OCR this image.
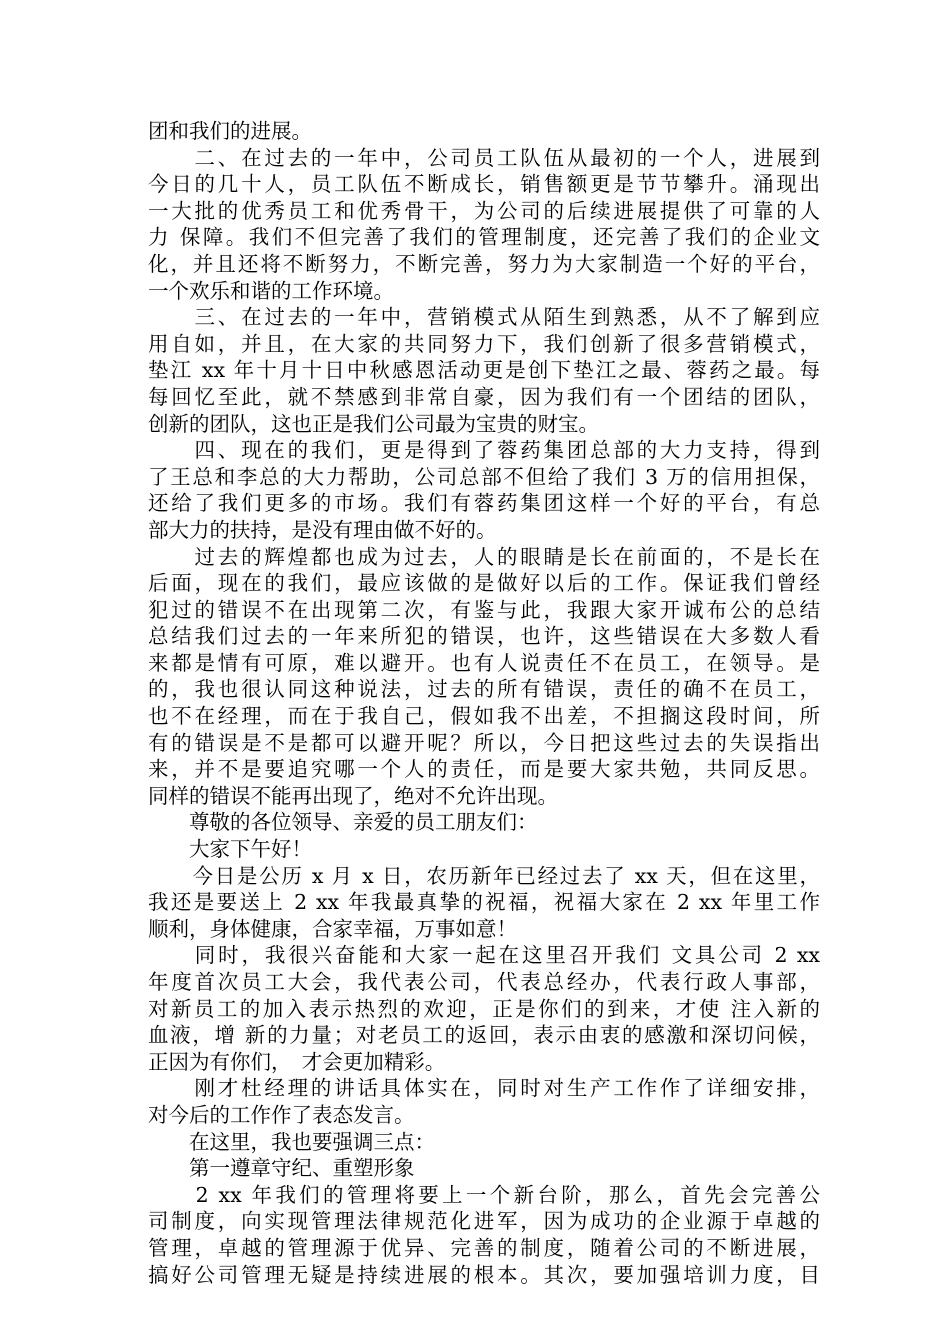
团和我们的进展。
　　二、在过去的一年中，公司员工队伍从最初的一个人，进展到
今日的几十人，员工队伍不断成长，销售额更是节节攀升。涌现出
一大批的优秀员工和优秀骨干，为公司的后续进展提供了可靠的人
力 保障。我们不但完善了我们的管理制度，还完善了我们的企业文
化，并且还将不断努力，不断完善，努力为大家制造一个好的平台，
一个欢乐和谐的工作环境。
　　三、在过去的一年中，营销模式从陌生到熟悉，从不了解到应
用自如，并且，在大家的共同努力下，我们创新了很多营销模式，
垫江 xx 年十月十日中秋感恩活动更是创下垫江之最、蓉药之最。每
每回忆至此，就不禁感到非常自豪，因为我们有一个团结的团队，
创新的团队，这也正是我们公司最为宝贵的财宝。
　　四、现在的我们，更是得到了蓉药集团总部的大力支持，得到
了王总和李总的大力帮助，公司总部不但给了我们 3 万的信用担保，
还给了我们更多的市场。我们有蓉药集团这样一个好的平台，有总
部大力的扶持，是没有理由做不好的。
　　过去的辉煌都也成为过去，人的眼睛是长在前面的，不是长在
后面，现在的我们，最应该做的是做好以后的工作。保证我们曾经
犯过的错误不在出现第二次，有鉴与此，我跟大家开诚布公的总结
总结我们过去的一年来所犯的错误，也许，这些错误在大多数人看
来都是情有可原，难以避开。也有人说责任不在员工，在领导。是
的，我也很认同这种说法，过去的所有错误，责任的确不在员工，
也不在经理，而在于我自己，假如我不出差，不担搁这段时间，所
有的错误是不是都可以避开呢？所以，今日把这些过去的失误指出
来，并不是要追究哪一个人的责任，而是要大家共勉，共同反思。
同样的错误不能再出现了，绝对不允许出现。
　　尊敬的各位领导、亲爱的员工朋友们：
　　大家下午好！
　　今日是公历 x 月 x 日，农历新年已经过去了 xx 天，但在这里，
我还是要送上 2 xx 年我最真挚的祝福，祝福大家在 2 xx 年里工作
顺利，身体健康，合家幸福，万事如意！
　　同时，我很兴奋能和大家一起在这里召开我们 文具公司 2 xx
年度首次员工大会，我代表公司，代表总经办，代表行政人事部，
对新员工的加入表示热烈的欢迎，正是你们的到来，才使 注入新的
血液，增 新的力量；对老员工的返回，表示由衷的感激和深切问候，
正因为有你们，　才会更加精彩。
　　刚才杜经理的讲话具体实在，同时对生产工作作了详细安排，
对今后的工作作了表态发言。
　　在这里，我也要强调三点：
　　第一遵章守纪、重塑形象
　　2 xx 年我们的管理将要上一个新台阶，那么，首先会完善公
司制度，向实现管理法律规范化进军，因为成功的企业源于卓越的
管理，卓越的管理源于优异、完善的制度，随着公司的不断进展，
搞好公司管理无疑是持续进展的根本。其次，要加强培训力度，目
